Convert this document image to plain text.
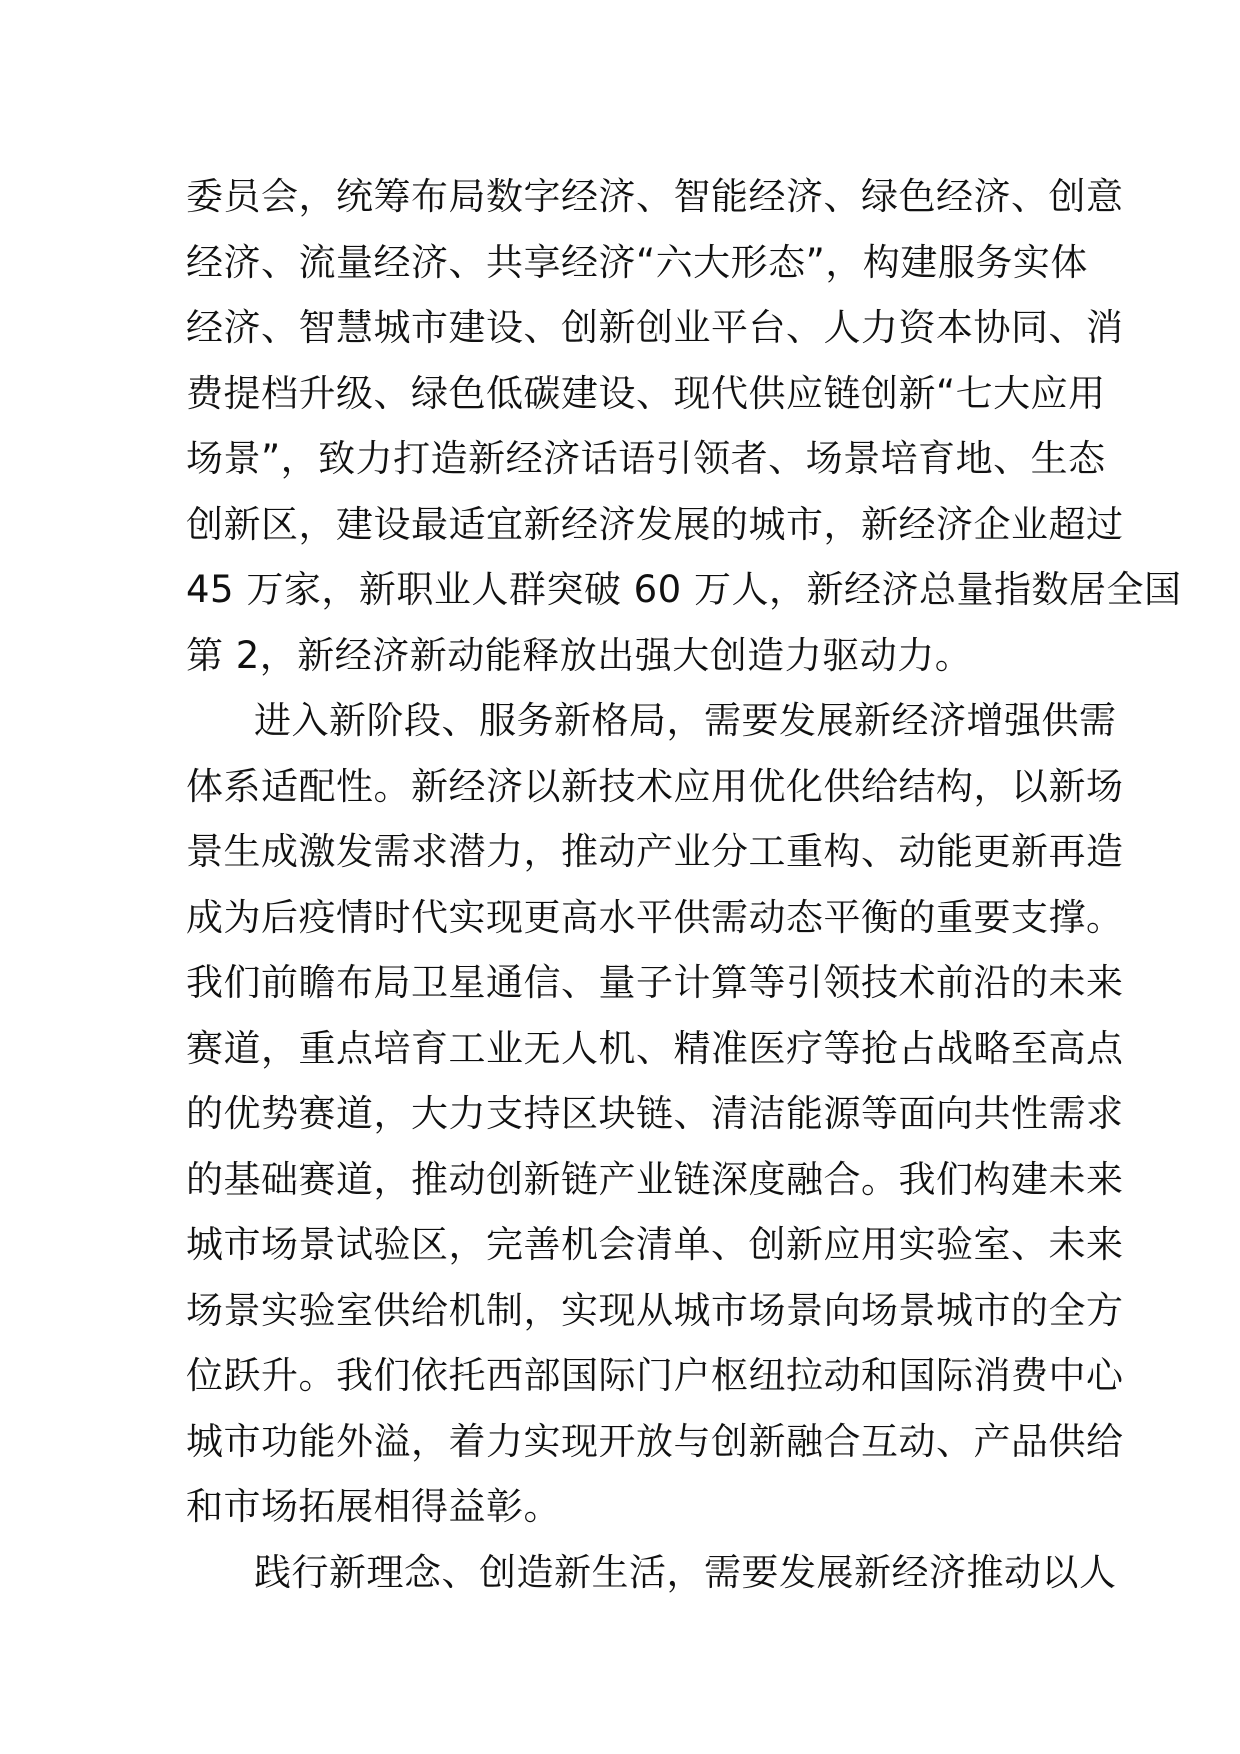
委员会，统筹布局数字经济、智能经济、绿色经济、创意
经济、流量经济、共享经济“六大形态”，构建服务实体
经济、智慧城市建设、创新创业平台、人力资本协同、消
费提档升级、绿色低碳建设、现代供应链创新“七大应用
场景”，致力打造新经济话语引领者、场景培育地、生态
创新区，建设最适宜新经济发展的城市，新经济企业超过
45 万家，新职业人群突破 60 万人，新经济总量指数居全国
第 2，新经济新动能释放出强大创造力驱动力。
进入新阶段、服务新格局，需要发展新经济增强供需
体系适配性。新经济以新技术应用优化供给结构，以新场
景生成激发需求潜力，推动产业分工重构、动能更新再造
成为后疫情时代实现更高水平供需动态平衡的重要支撑。
我们前瞻布局卫星通信、量子计算等引领技术前沿的未来
赛道，重点培育工业无人机、精准医疗等抢占战略至高点
的优势赛道，大力支持区块链、清洁能源等面向共性需求
的基础赛道，推动创新链产业链深度融合。我们构建未来
城市场景试验区，完善机会清单、创新应用实验室、未来
场景实验室供给机制，实现从城市场景向场景城市的全方
位跃升。我们依托西部国际门户枢纽拉动和国际消费中心
城市功能外溢，着力实现开放与创新融合互动、产品供给
和市场拓展相得益彰。
践行新理念、创造新生活，需要发展新经济推动以人
